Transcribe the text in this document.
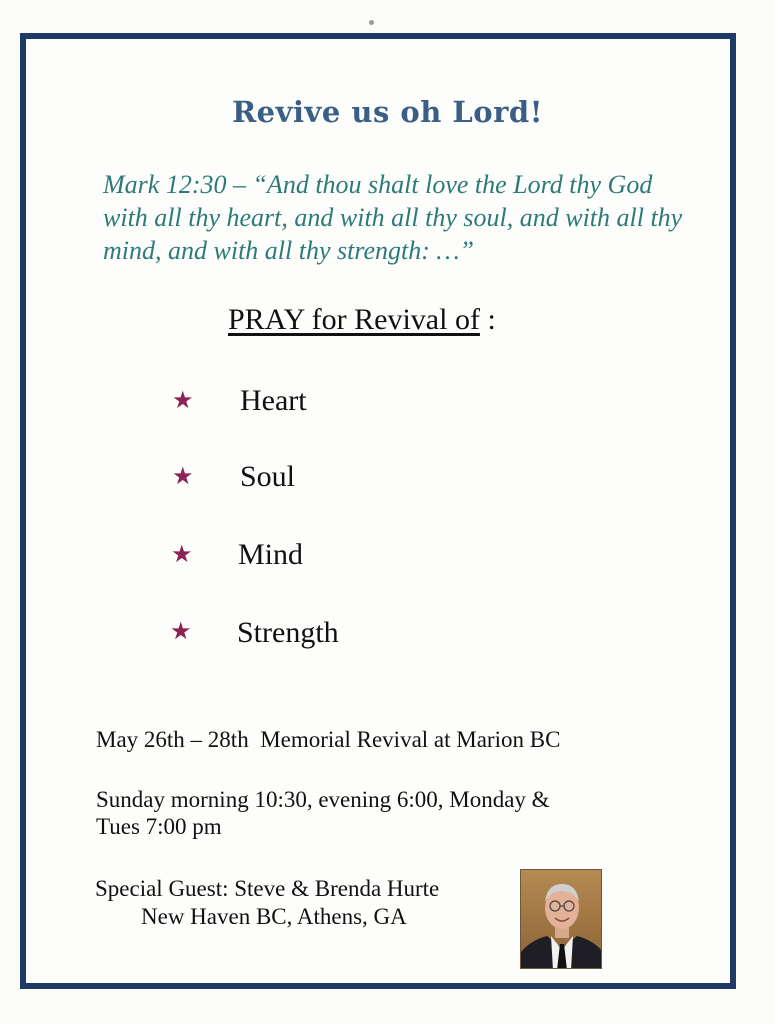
Revive us oh Lord!
Mark 12:30 – “And thou shalt love the Lord thy God with all thy heart, and with all thy soul, and with all thy mind, and with all thy strength: …”
PRAY for Revival of :
★ Heart
★ Soul
★ Mind
★ Strength
May 26th – 28th  Memorial Revival at Marion BC
Sunday morning 10:30, evening 6:00, Monday &
Tues 7:00 pm
Special Guest: Steve & Brenda Hurte
New Haven BC, Athens, GA
